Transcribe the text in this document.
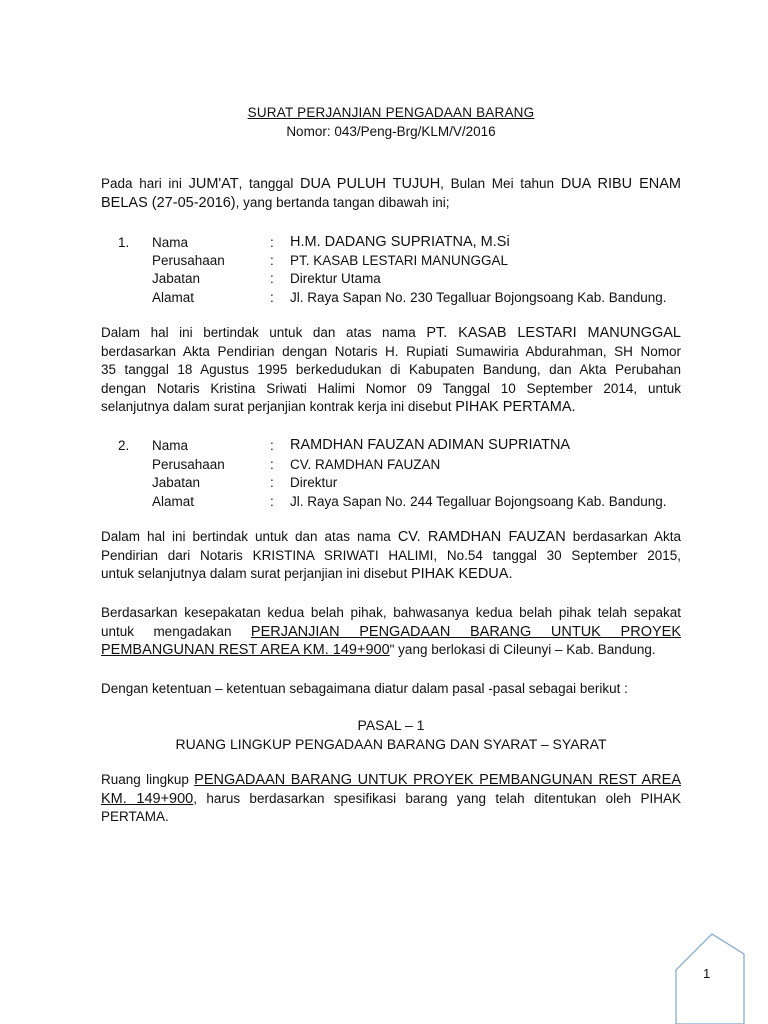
SURAT PERJANJIAN PENGADAAN BARANG
Nomor: 043/Peng-Brg/KLM/V/2016
Pada hari ini JUM'AT, tanggal DUA PULUH TUJUH, Bulan Mei tahun DUA RIBU ENAM
BELAS (27-05-2016), yang bertanda tangan dibawah ini;
1. Nama	: H.M. DADANG SUPRIATNA, M.Si
Perusahaan	: PT. KASAB LESTARI MANUNGGAL
Jabatan	: Direktur Utama
Alamat	: Jl. Raya Sapan No. 230 Tegalluar Bojongsoang Kab. Bandung.
Dalam hal ini bertindak untuk dan atas nama PT. KASAB LESTARI MANUNGGAL
berdasarkan Akta Pendirian dengan Notaris H. Rupiati Sumawiria Abdurahman, SH Nomor
35 tanggal 18 Agustus 1995 berkedudukan di Kabupaten Bandung, dan Akta Perubahan
dengan Notaris Kristina Sriwati Halimi Nomor 09 Tanggal 10 September 2014, untuk
selanjutnya dalam surat perjanjian kontrak kerja ini disebut PIHAK PERTAMA.
2. Nama	: RAMDHAN FAUZAN ADIMAN SUPRIATNA
Perusahaan	: CV. RAMDHAN FAUZAN
Jabatan	: Direktur
Alamat	: Jl. Raya Sapan No. 244 Tegalluar Bojongsoang Kab. Bandung.
Dalam hal ini bertindak untuk dan atas nama CV. RAMDHAN FAUZAN berdasarkan Akta
Pendirian dari Notaris KRISTINA SRIWATI HALIMI, No.54 tanggal 30 September 2015,
untuk selanjutnya dalam surat perjanjian ini disebut PIHAK KEDUA.
Berdasarkan kesepakatan kedua belah pihak, bahwasanya kedua belah pihak telah sepakat
untuk mengadakan PERJANJIAN PENGADAAN BARANG UNTUK PROYEK
PEMBANGUNAN REST AREA KM. 149+900" yang berlokasi di Cileunyi – Kab. Bandung.
Dengan ketentuan – ketentuan sebagaimana diatur dalam pasal -pasal sebagai berikut :
PASAL – 1
RUANG LINGKUP PENGADAAN BARANG DAN SYARAT – SYARAT
Ruang lingkup PENGADAAN BARANG UNTUK PROYEK PEMBANGUNAN REST AREA
KM. 149+900, harus berdasarkan spesifikasi barang yang telah ditentukan oleh PIHAK
PERTAMA.
1
